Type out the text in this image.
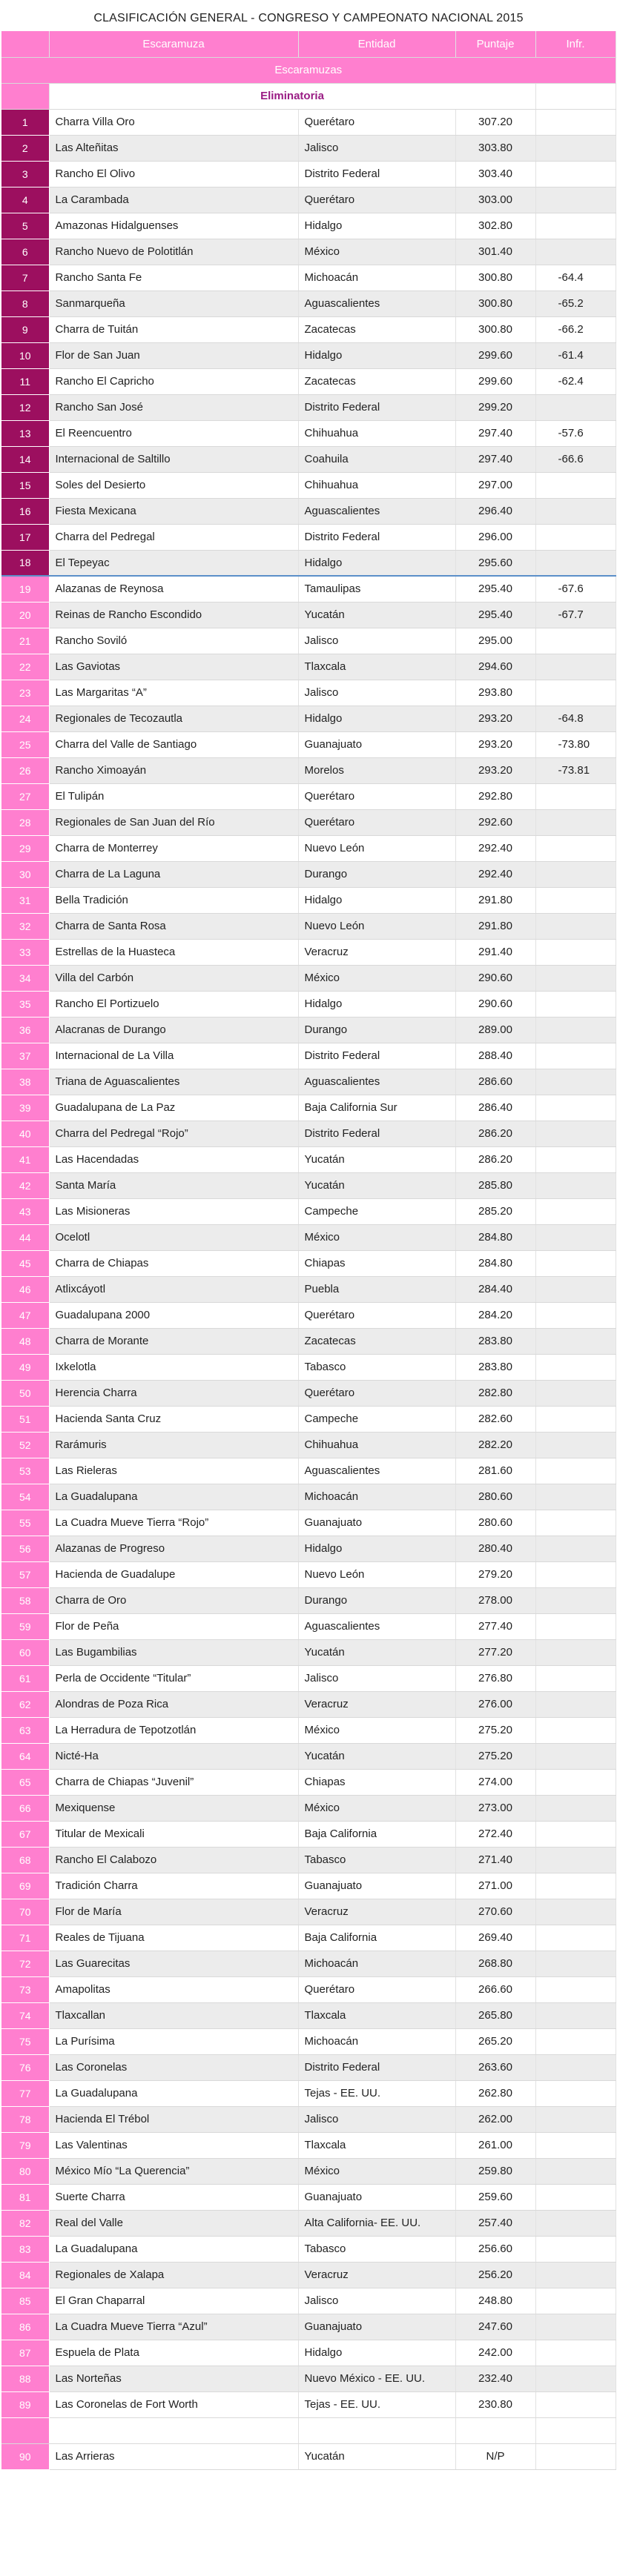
CLASIFICACIÓN GENERAL - CONGRESO Y CAMPEONATO NACIONAL 2015
	Escaramuza	Entidad	Puntaje	Infr.
Escaramuzas				
	Eliminatoria			
1	Charra Villa Oro	Querétaro	307.20	
2	Las Alteñitas	Jalisco	303.80	
3	Rancho El Olivo	Distrito Federal	303.40	
4	La Carambada	Querétaro	303.00	
5	Amazonas Hidalguenses	Hidalgo	302.80	
6	Rancho Nuevo de Polotitlán	México	301.40	
7	Rancho Santa Fe	Michoacán	300.80	-64.4
8	Sanmarqueña	Aguascalientes	300.80	-65.2
9	Charra de Tuitán	Zacatecas	300.80	-66.2
10	Flor de San Juan	Hidalgo	299.60	-61.4
11	Rancho El Capricho	Zacatecas	299.60	-62.4
12	Rancho San José	Distrito Federal	299.20	
13	El Reencuentro	Chihuahua	297.40	-57.6
14	Internacional de Saltillo	Coahuila	297.40	-66.6
15	Soles del Desierto	Chihuahua	297.00	
16	Fiesta Mexicana	Aguascalientes	296.40	
17	Charra del Pedregal	Distrito Federal	296.00	
18	El Tepeyac	Hidalgo	295.60	
19	Alazanas de Reynosa	Tamaulipas	295.40	-67.6
20	Reinas de Rancho Escondido	Yucatán	295.40	-67.7
21	Rancho Soviló	Jalisco	295.00	
22	Las Gaviotas	Tlaxcala	294.60	
23	Las Margaritas “A”	Jalisco	293.80	
24	Regionales de Tecozautla	Hidalgo	293.20	-64.8
25	Charra del Valle de Santiago	Guanajuato	293.20	-73.80
26	Rancho Ximoayán	Morelos	293.20	-73.81
27	El Tulipán	Querétaro	292.80	
28	Regionales de San Juan del Río	Querétaro	292.60	
29	Charra de Monterrey	Nuevo León	292.40	
30	Charra de La Laguna	Durango	292.40	
31	Bella Tradición	Hidalgo	291.80	
32	Charra de Santa Rosa	Nuevo León	291.80	
33	Estrellas de la Huasteca	Veracruz	291.40	
34	Villa del Carbón	México	290.60	
35	Rancho El Portizuelo	Hidalgo	290.60	
36	Alacranas de Durango	Durango	289.00	
37	Internacional de La Villa	Distrito Federal	288.40	
38	Triana de Aguascalientes	Aguascalientes	286.60	
39	Guadalupana de La Paz	Baja California Sur	286.40	
40	Charra del Pedregal “Rojo”	Distrito Federal	286.20	
41	Las Hacendadas	Yucatán	286.20	
42	Santa María	Yucatán	285.80	
43	Las Misioneras	Campeche	285.20	
44	Ocelotl	México	284.80	
45	Charra de Chiapas	Chiapas	284.80	
46	Atlixcáyotl	Puebla	284.40	
47	Guadalupana 2000	Querétaro	284.20	
48	Charra de Morante	Zacatecas	283.80	
49	Ixkelotla	Tabasco	283.80	
50	Herencia Charra	Querétaro	282.80	
51	Hacienda Santa Cruz	Campeche	282.60	
52	Rarámuris	Chihuahua	282.20	
53	Las Rieleras	Aguascalientes	281.60	
54	La Guadalupana	Michoacán	280.60	
55	La Cuadra Mueve Tierra “Rojo”	Guanajuato	280.60	
56	Alazanas de Progreso	Hidalgo	280.40	
57	Hacienda de Guadalupe	Nuevo León	279.20	
58	Charra de Oro	Durango	278.00	
59	Flor de Peña	Aguascalientes	277.40	
60	Las Bugambilias	Yucatán	277.20	
61	Perla de Occidente “Titular”	Jalisco	276.80	
62	Alondras de Poza Rica	Veracruz	276.00	
63	La Herradura de Tepotzotlán	México	275.20	
64	Nicté-Ha	Yucatán	275.20	
65	Charra de Chiapas “Juvenil”	Chiapas	274.00	
66	Mexiquense	México	273.00	
67	Titular de Mexicali	Baja California	272.40	
68	Rancho El Calabozo	Tabasco	271.40	
69	Tradición Charra	Guanajuato	271.00	
70	Flor de María	Veracruz	270.60	
71	Reales de Tijuana	Baja California	269.40	
72	Las Guarecitas	Michoacán	268.80	
73	Amapolitas	Querétaro	266.60	
74	Tlaxcallan	Tlaxcala	265.80	
75	La Purísima	Michoacán	265.20	
76	Las Coronelas	Distrito Federal	263.60	
77	La Guadalupana	Tejas - EE. UU.	262.80	
78	Hacienda El Trébol	Jalisco	262.00	
79	Las Valentinas	Tlaxcala	261.00	
80	México Mío “La Querencia”	México	259.80	
81	Suerte Charra	Guanajuato	259.60	
82	Real del Valle	Alta California- EE. UU.	257.40	
83	La Guadalupana	Tabasco	256.60	
84	Regionales de Xalapa	Veracruz	256.20	
85	El Gran Chaparral	Jalisco	248.80	
86	La Cuadra Mueve Tierra “Azul”	Guanajuato	247.60	
87	Espuela de Plata	Hidalgo	242.00	
88	Las Norteñas	Nuevo México - EE. UU.	232.40	
89	Las Coronelas de Fort Worth	Tejas - EE. UU.	230.80	

90	Las Arrieras	Yucatán	N/P	
